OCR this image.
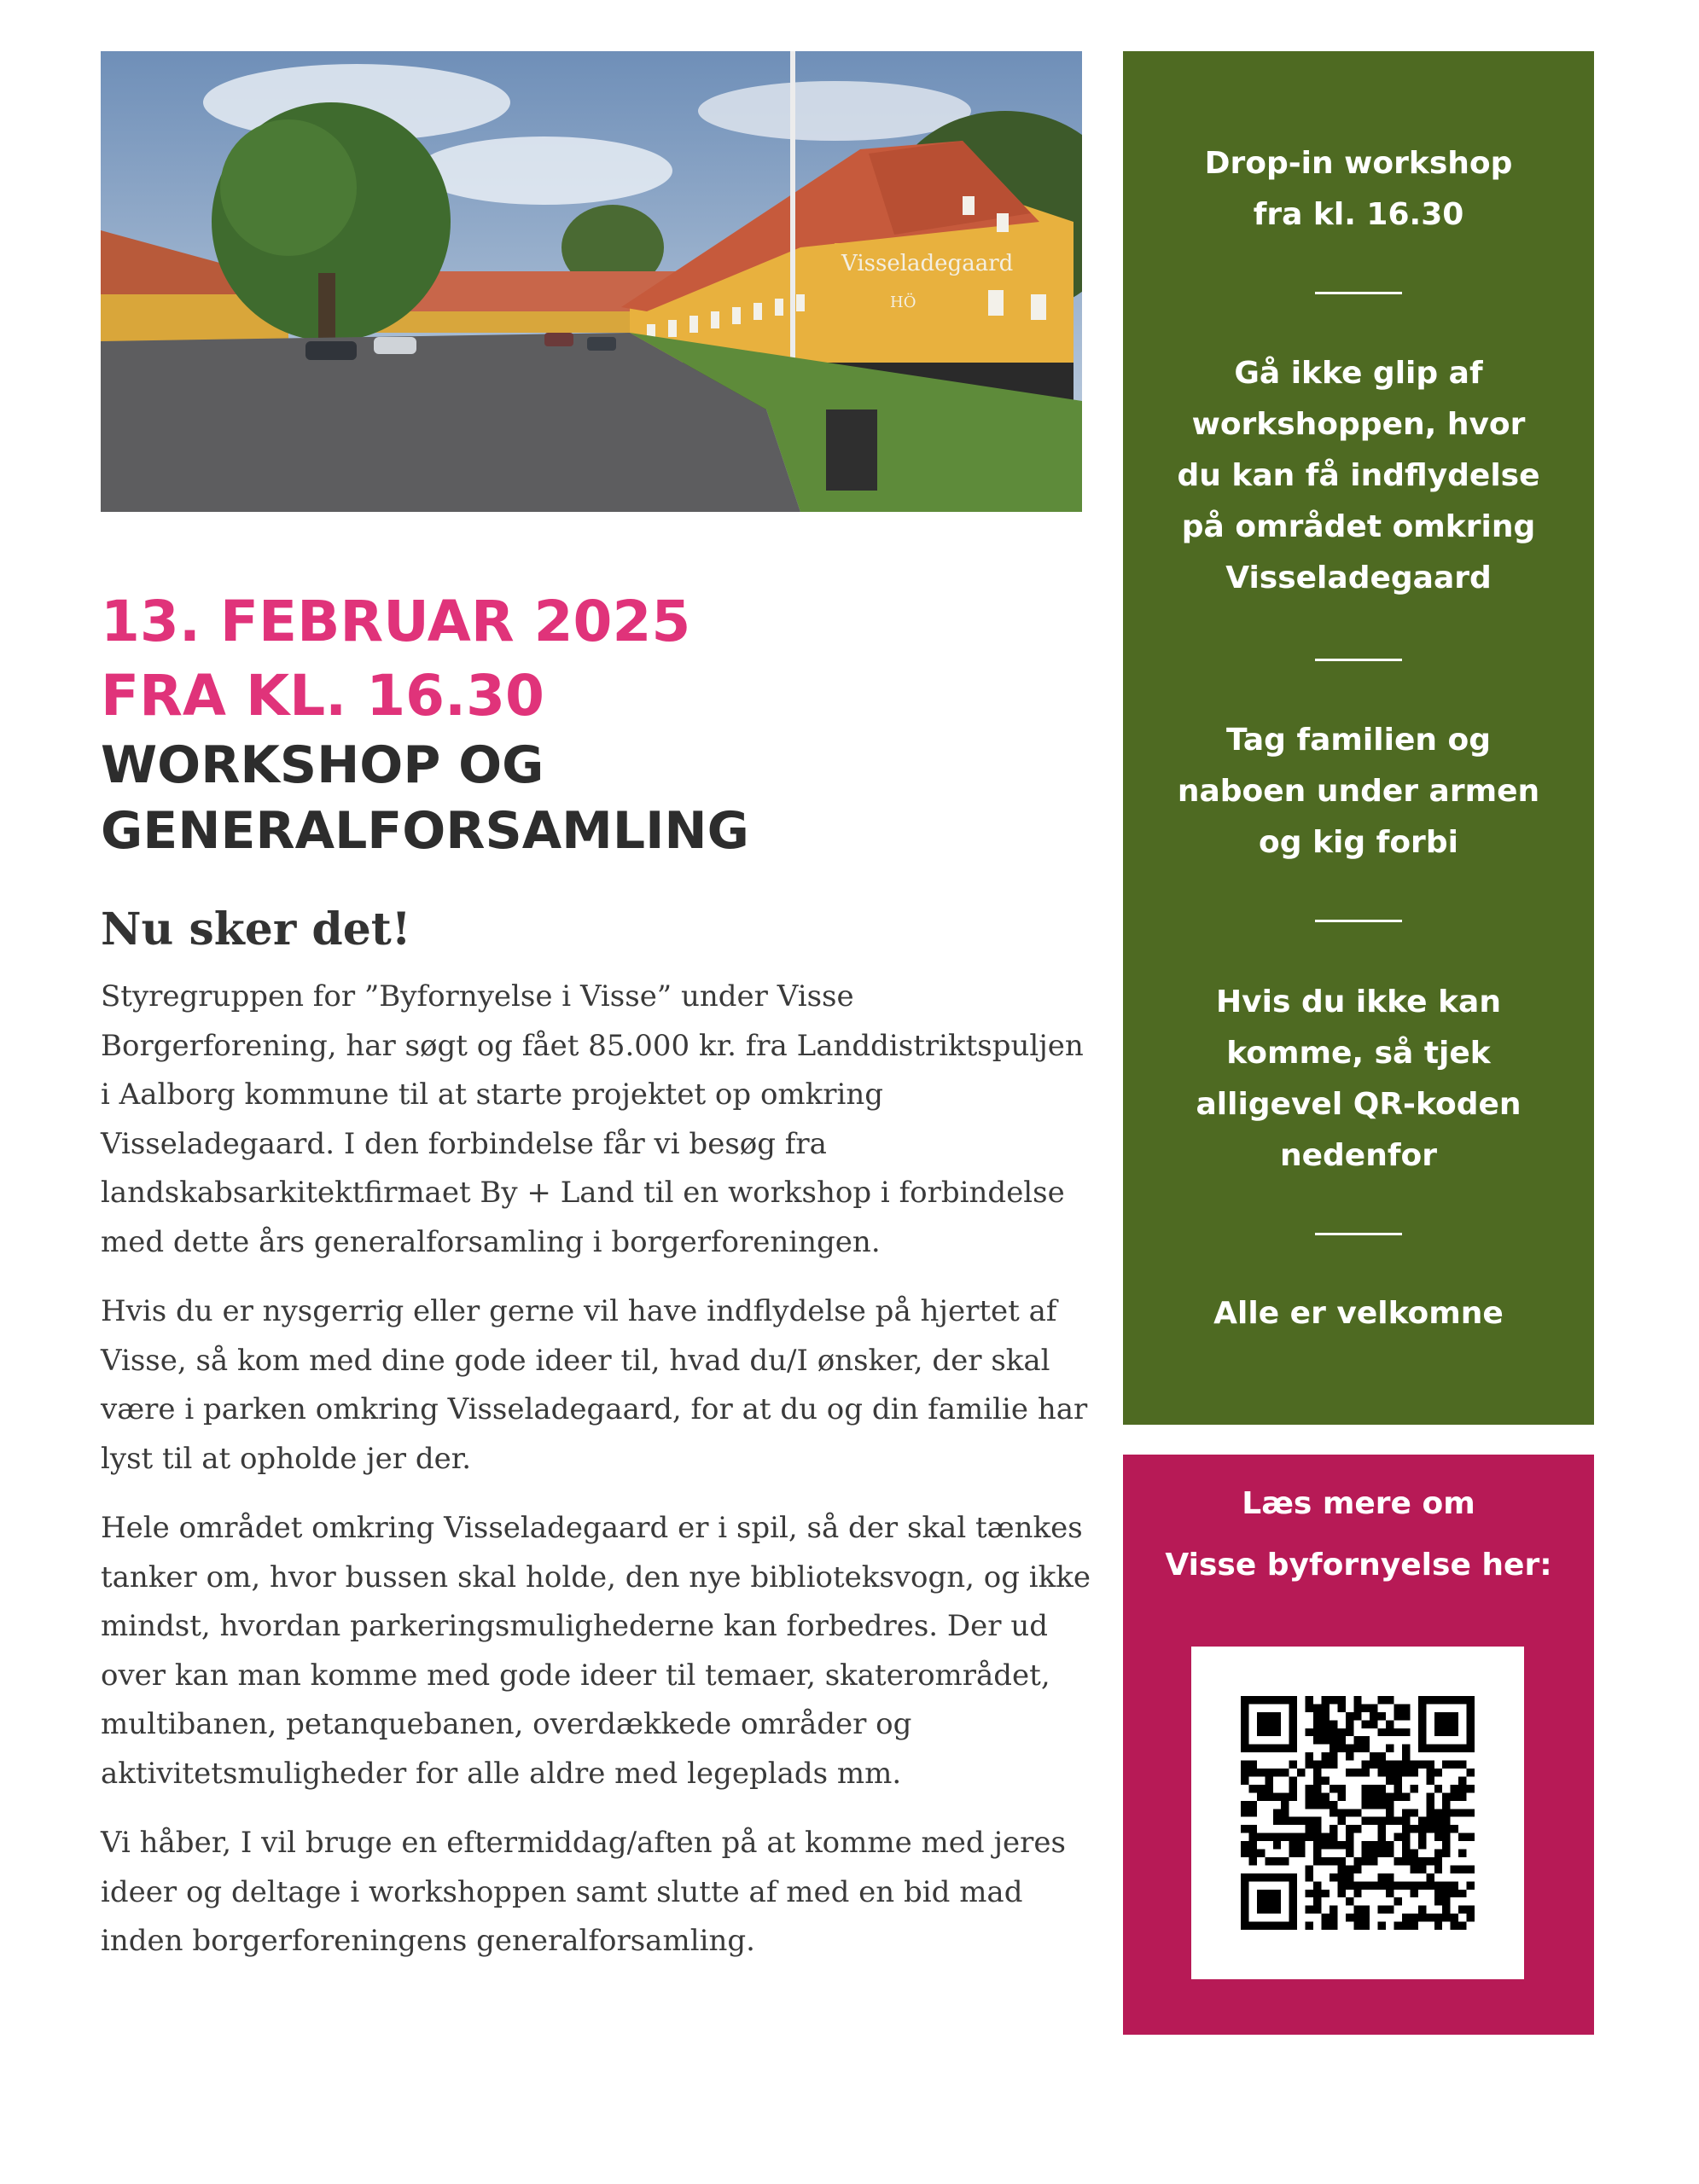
Visseladegaard
HÖ

13. FEBRUAR 2025

FRA KL. 16.30

WORKSHOP OG

GENERALFORSAMLING

Nu sker det!

Styregruppen for ”Byfornyelse i Visse” under Visse Borgerforening, har søgt og fået 85.000 kr. fra Landdistriktspuljen i Aalborg kommune til at starte projektet op omkring Visseladegaard. I den forbindelse får vi besøg fra landskabsarkitektfirmaet By + Land til en workshop i forbindelse med dette års generalforsamling i borgerforeningen.

Hvis du er nysgerrig eller gerne vil have indflydelse på hjertet af Visse, så kom med dine gode ideer til, hvad du/I ønsker, der skal være i parken omkring Visseladegaard, for at du og din familie har lyst til at opholde jer der.

Hele området omkring Visseladegaard er i spil, så der skal tænkes tanker om, hvor bussen skal holde, den nye biblioteksvogn, og ikke mindst, hvordan parkeringsmulighederne kan forbedres. Der ud over kan man komme med gode ideer til temaer, skaterområdet, multibanen, petanquebanen, overdækkede områder og aktivitetsmuligheder for alle aldre med legeplads mm.

Vi håber, I vil bruge en eftermiddag/aften på at komme med jeres ideer og deltage i workshoppen samt slutte af med en bid mad inden borgerforeningens generalforsamling.

Drop-in workshop
fra kl. 16.30

Gå ikke glip af
workshoppen, hvor
du kan få indflydelse
på området omkring
Visseladegaard

Tag familien og
naboen under armen
og kig forbi

Hvis du ikke kan
komme, så tjek
alligevel QR-koden
nedenfor

Alle er velkomne

Læs mere om

Visse byfornyelse her:
